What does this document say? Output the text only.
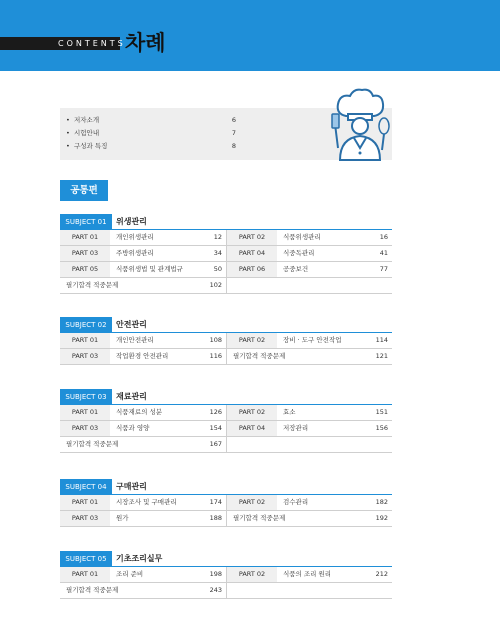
CONTENTS 차례
• 저자소개	6
• 시험안내	7
• 구성과 특징	8
공통편
SUBJECT 01	위생관리
PART 01	개인위생관리	12	PART 02	식품위생관리	16
PART 03	주방위생관리	34	PART 04	식중독관리	41
PART 05	식품위생법 및 관계법규	50	PART 06	공중보건	77
필기합격 적중문제	102
SUBJECT 02	안전관리
PART 01	개인안전관리	108	PART 02	장비 · 도구 안전작업	114
PART 03	작업환경 안전관리	116 필기합격 적중문제	121
SUBJECT 03	재료관리
PART 01	식품재료의 성분	126	PART 02	효소	151
PART 03	식품과 영양	154	PART 04	저장관리	156
필기합격 적중문제	167
SUBJECT 04	구매관리
PART 01	시장조사 및 구매관리	174	PART 02	검수관리	182
PART 03	원가	188 필기합격 적중문제	192
SUBJECT 05	기초조리실무
PART 01	조리 준비	198	PART 02	식품의 조리 원리	212
필기합격 적중문제	243
